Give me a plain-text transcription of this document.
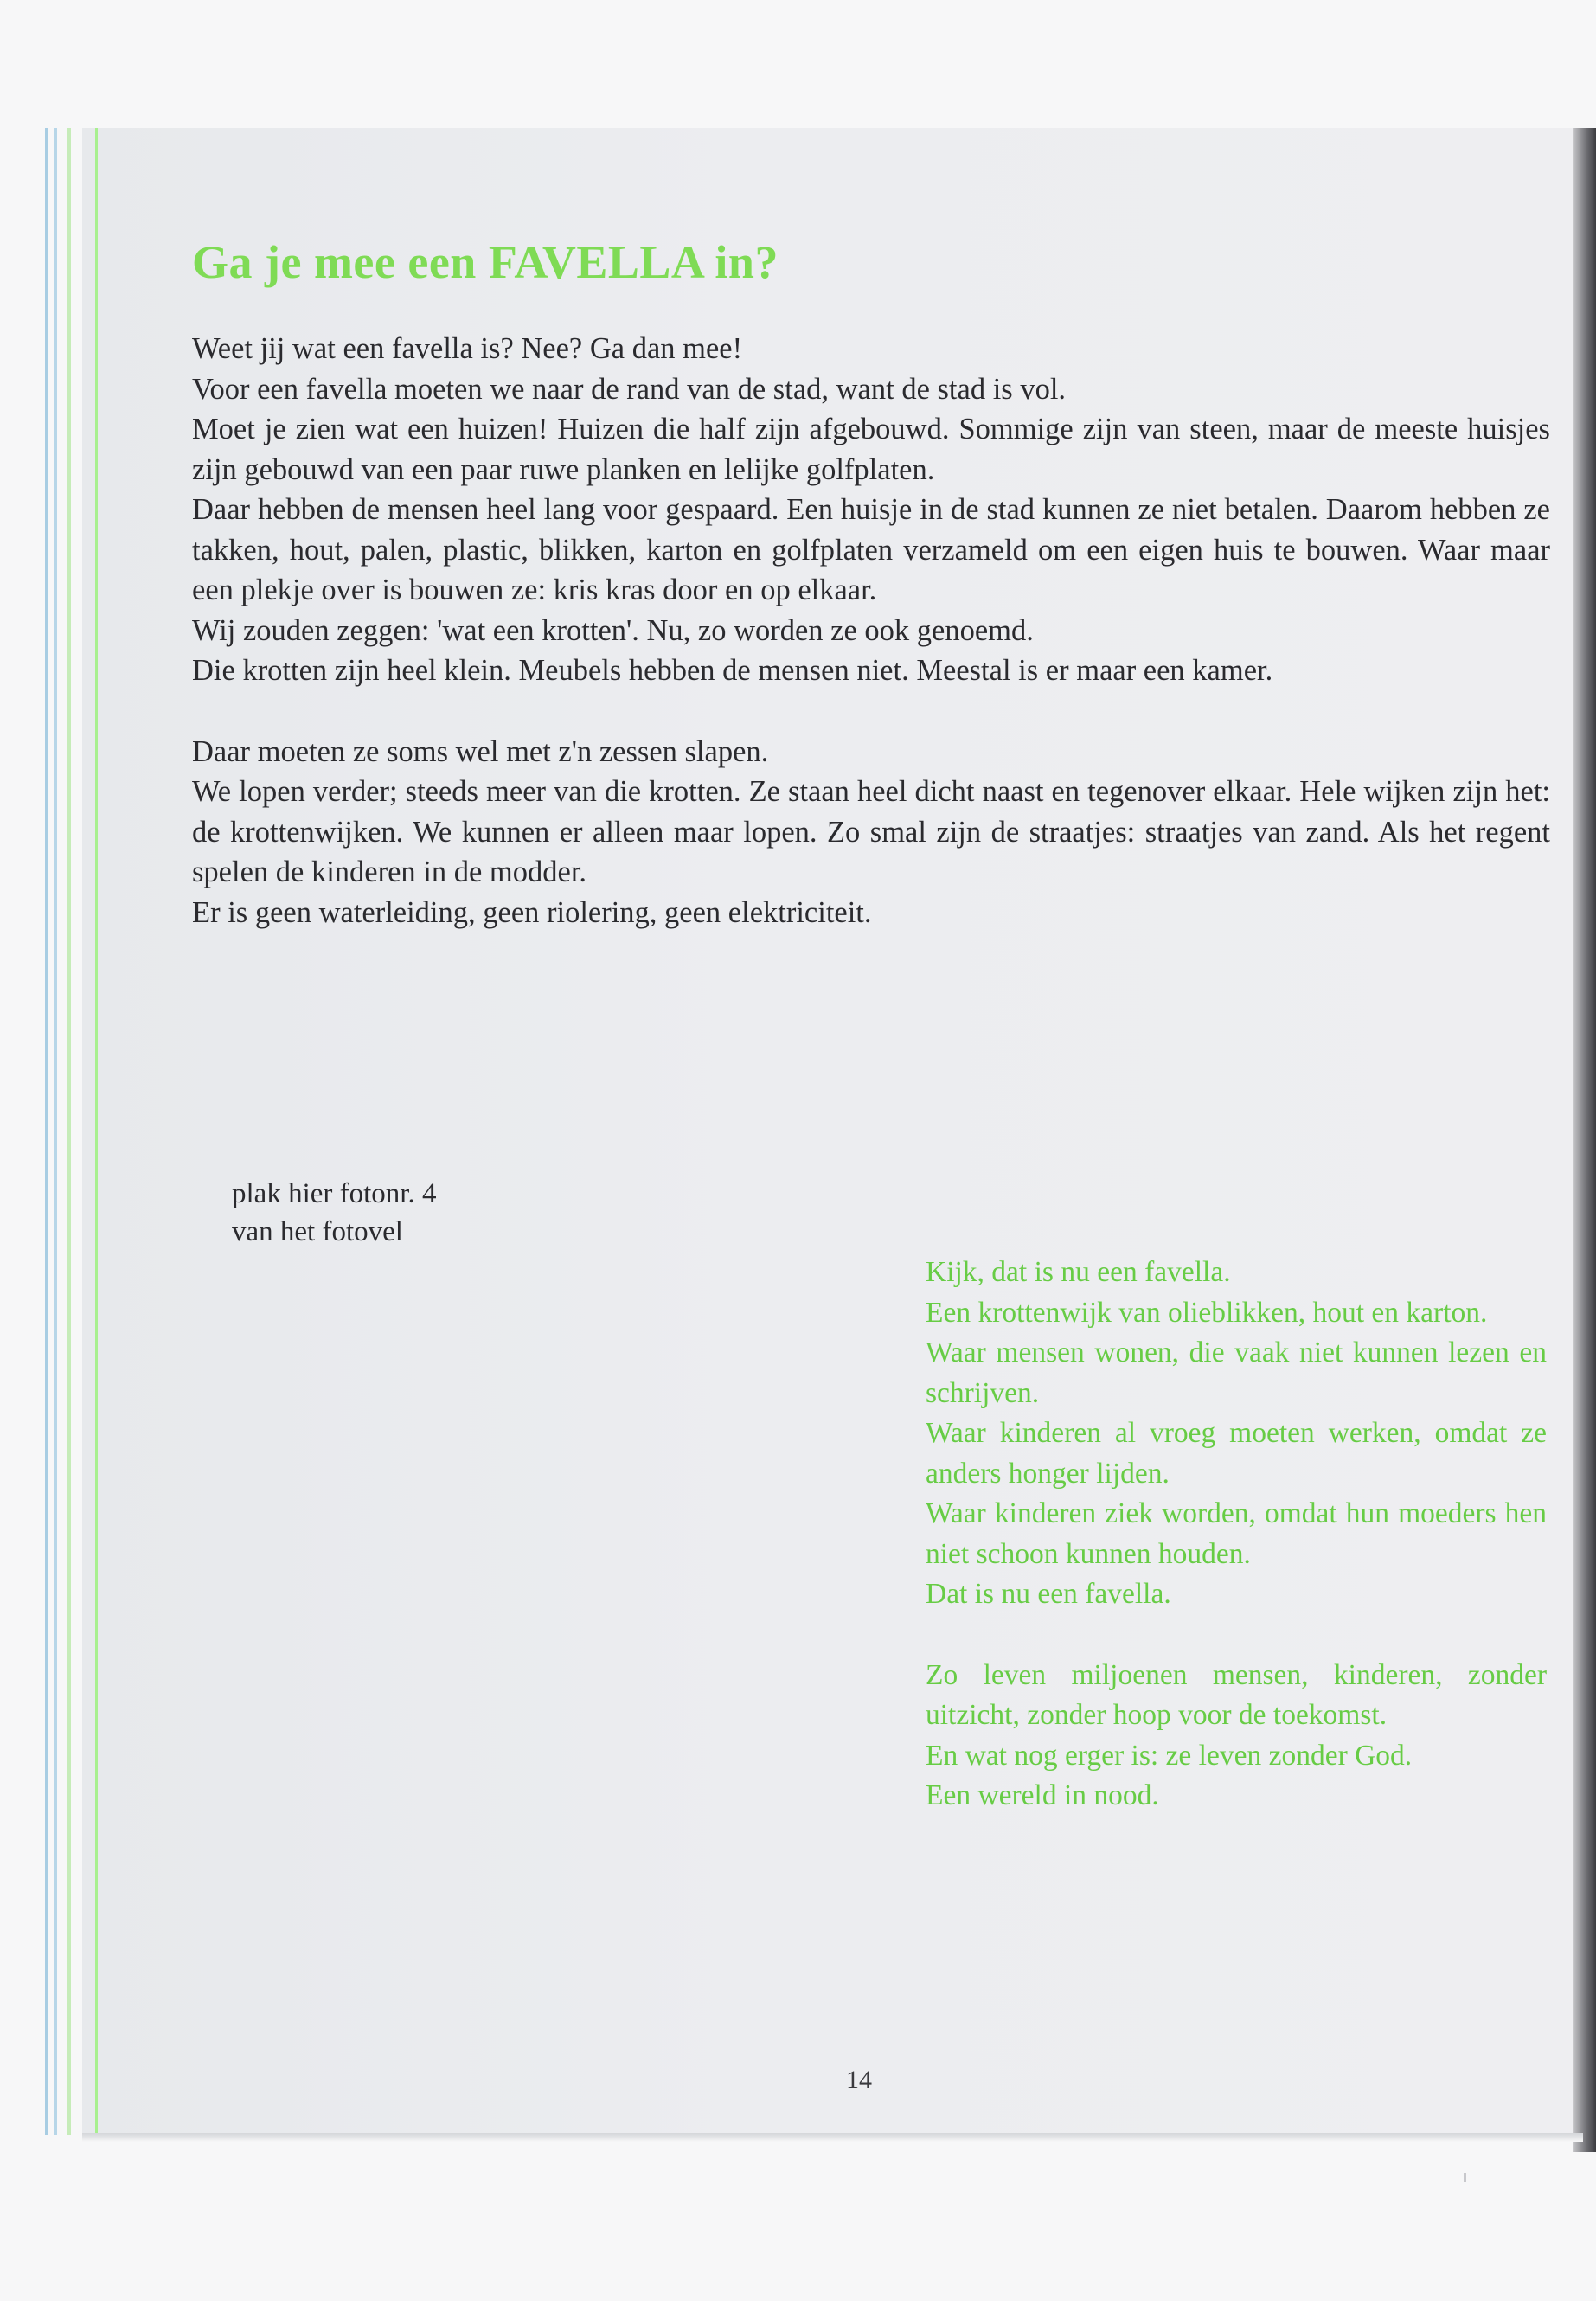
Ga je mee een FAVELLA in?

Weet jij wat een favella is? Nee? Ga dan mee!

Voor een favella moeten we naar de rand van de stad, want de stad is vol.

Moet je zien wat een huizen! Huizen die half zijn afgebouwd. Sommige zijn van steen, maar de meeste huisjes zijn gebouwd van een paar ruwe planken en lelijke golfplaten.

Daar hebben de mensen heel lang voor gespaard. Een huisje in de stad kunnen ze niet betalen. Daarom hebben ze takken, hout, palen, plastic, blikken, karton en golfplaten verzameld om een eigen huis te bouwen. Waar maar een plekje over is bouwen ze: kris kras door en op elkaar.

Wij zouden zeggen: 'wat een krotten'. Nu, zo worden ze ook genoemd.

Die krotten zijn heel klein. Meubels hebben de mensen niet. Meestal is er maar een kamer.

Daar moeten ze soms wel met z'n zessen slapen.

We lopen verder; steeds meer van die krotten. Ze staan heel dicht naast en tegenover elkaar. Hele wijken zijn het: de krottenwijken. We kunnen er alleen maar lopen. Zo smal zijn de straatjes: straatjes van zand. Als het regent spelen de kinderen in de modder.

Er is geen waterleiding, geen riolering, geen elektriciteit.

plak hier fotonr. 4
van het fotovel

Kijk, dat is nu een favella.

Een krottenwijk van olieblikken, hout en karton.

Waar mensen wonen, die vaak niet kunnen lezen en schrijven.

Waar kinderen al vroeg moeten werken, omdat ze anders honger lijden.

Waar kinderen ziek worden, omdat hun moeders hen niet schoon kunnen houden.

Dat is nu een favella.

Zo leven miljoenen mensen, kinderen, zonder uitzicht, zonder hoop voor de toekomst.

En wat nog erger is: ze leven zonder God.

Een wereld in nood.

14
